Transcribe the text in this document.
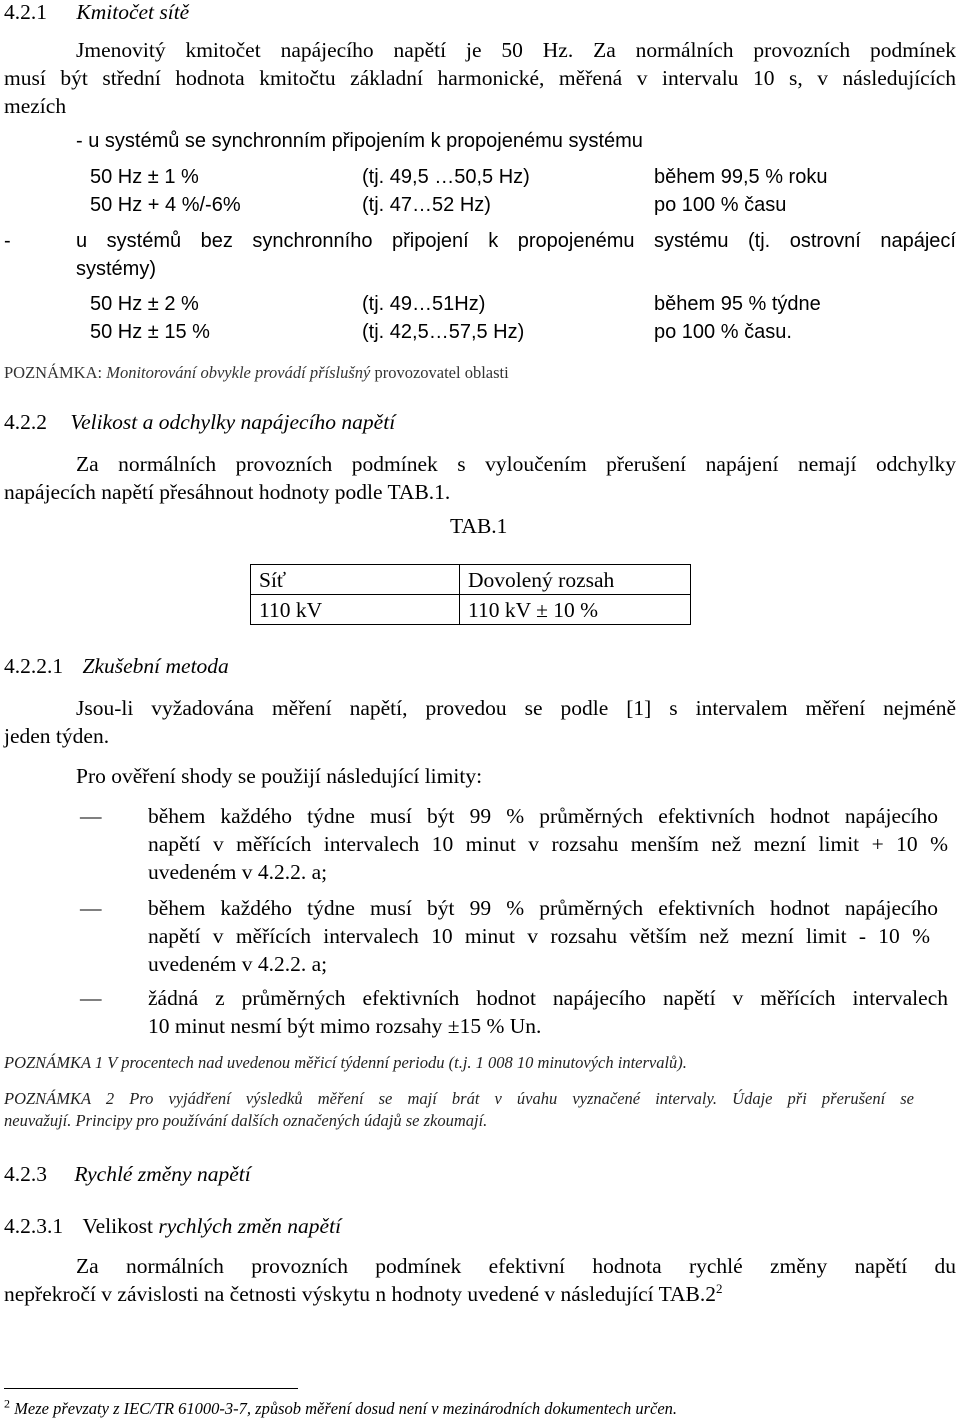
4.2.1 Kmitočet sítě
Jmenovitý kmitočet napájecího napětí je 50 Hz. Za normálních provozních podmínek
musí být střední hodnota kmitočtu základní harmonické, měřená v intervalu 10 s, v následujících
mezích
- u systémů se synchronním připojením k propojenému systému
50 Hz ± 1 %	(tj. 49,5 …50,5 Hz)	během 99,5 % roku
50 Hz + 4 %/-6%	(tj. 47…52 Hz)	po 100 % času
-	u systémů bez synchronního připojení k propojenému systému (tj. ostrovní napájecí
systémy)
50 Hz ± 2 %	(tj. 49…51Hz)	během 95 % týdne
50 Hz ± 15 %	(tj. 42,5…57,5 Hz)	po 100 % času.
POZNÁMKA: Monitorování obvykle provádí příslušný provozovatel oblasti
4.2.2 Velikost a odchylky napájecího napětí
Za normálních provozních podmínek s vyloučením přerušení napájení nemají odchylky
napájecích napětí přesáhnout hodnoty podle TAB.1.
TAB.1
Síť	Dovolený rozsah
110 kV	110 kV ± 10 %
4.2.2.1 Zkušební metoda
Jsou-li vyžadována měření napětí, provedou se podle [1] s intervalem měření nejméně
jeden týden.
Pro ověření shody se použijí následující limity:
— během každého týdne musí být 99 % průměrných efektivních hodnot napájecího
napětí v měřících intervalech 10 minut v rozsahu menším než mezní limit + 10 %
uvedeném v 4.2.2. a;
— během každého týdne musí být 99 % průměrných efektivních hodnot napájecího
napětí v měřících intervalech 10 minut v rozsahu větším než mezní limit - 10 %
uvedeném v 4.2.2. a;
— žádná z průměrných efektivních hodnot napájecího napětí v měřících intervalech
10 minut nesmí být mimo rozsahy ±15 % Un.
POZNÁMKA 1 V procentech nad uvedenou měřicí týdenní periodu (t.j. 1 008 10 minutových intervalů).
POZNÁMKA 2 Pro vyjádření výsledků měření se mají brát v úvahu vyznačené intervaly. Údaje při přerušení se
neuvažují. Principy pro používání dalších označených údajů se zkoumají.
4.2.3 Rychlé změny napětí
4.2.3.1 Velikost rychlých změn napětí
Za normálních provozních podmínek efektivní hodnota rychlé změny napětí du
nepřekročí v závislosti na četnosti výskytu n hodnoty uvedené v následující $TAB.2^2$
$^2$ Meze převzaty z IEC/TR 61000-3-7, způsob měření dosud není v mezinárodních dokumentech určen.
